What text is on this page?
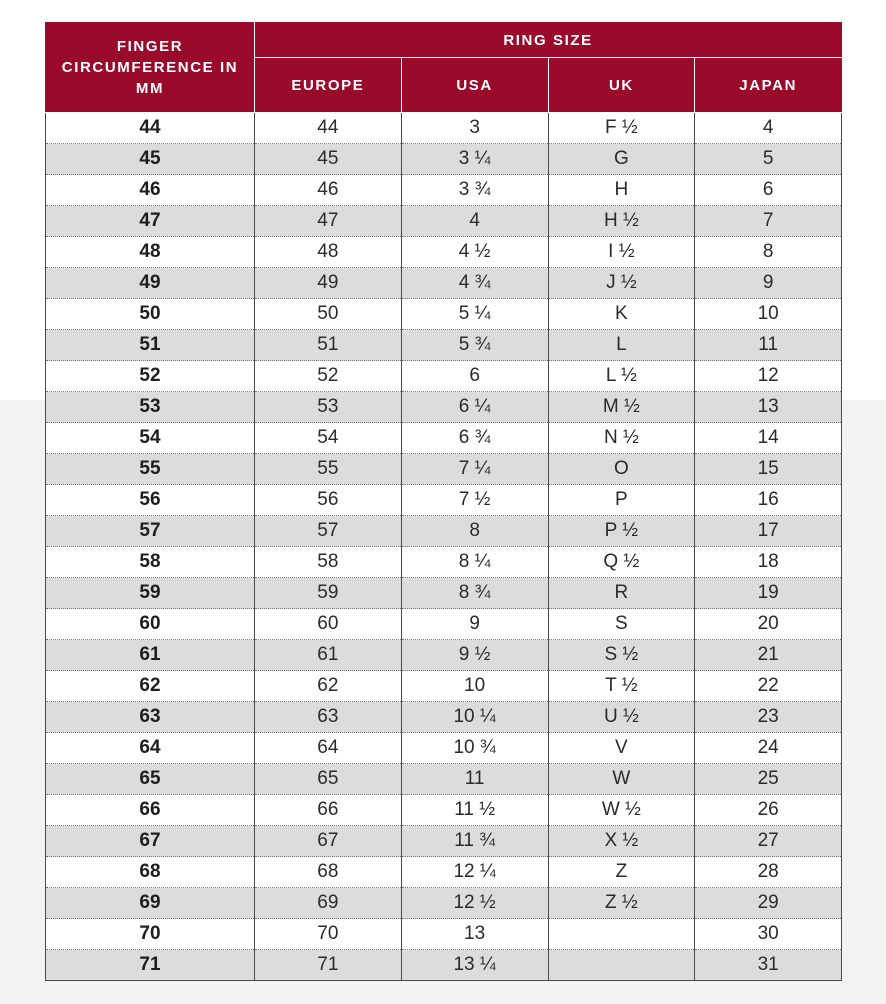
FINGER CIRCUMFERENCE IN MM	RING SIZE			
	EUROPE	USA	UK	JAPAN
44	44	3	F ½	4
45	45	3 ¼	G	5
46	46	3 ¾	H	6
47	47	4	H ½	7
48	48	4 ½	I ½	8
49	49	4 ¾	J ½	9
50	50	5 ¼	K	10
51	51	5 ¾	L	11
52	52	6	L ½	12
53	53	6 ¼	M ½	13
54	54	6 ¾	N ½	14
55	55	7 ¼	O	15
56	56	7 ½	P	16
57	57	8	P ½	17
58	58	8 ¼	Q ½	18
59	59	8 ¾	R	19
60	60	9	S	20
61	61	9 ½	S ½	21
62	62	10	T ½	22
63	63	10 ¼	U ½	23
64	64	10 ¾	V	24
65	65	11	W	25
66	66	11 ½	W ½	26
67	67	11 ¾	X ½	27
68	68	12 ¼	Z	28
69	69	12 ½	Z ½	29
70	70	13		30
71	71	13 ¼		31
